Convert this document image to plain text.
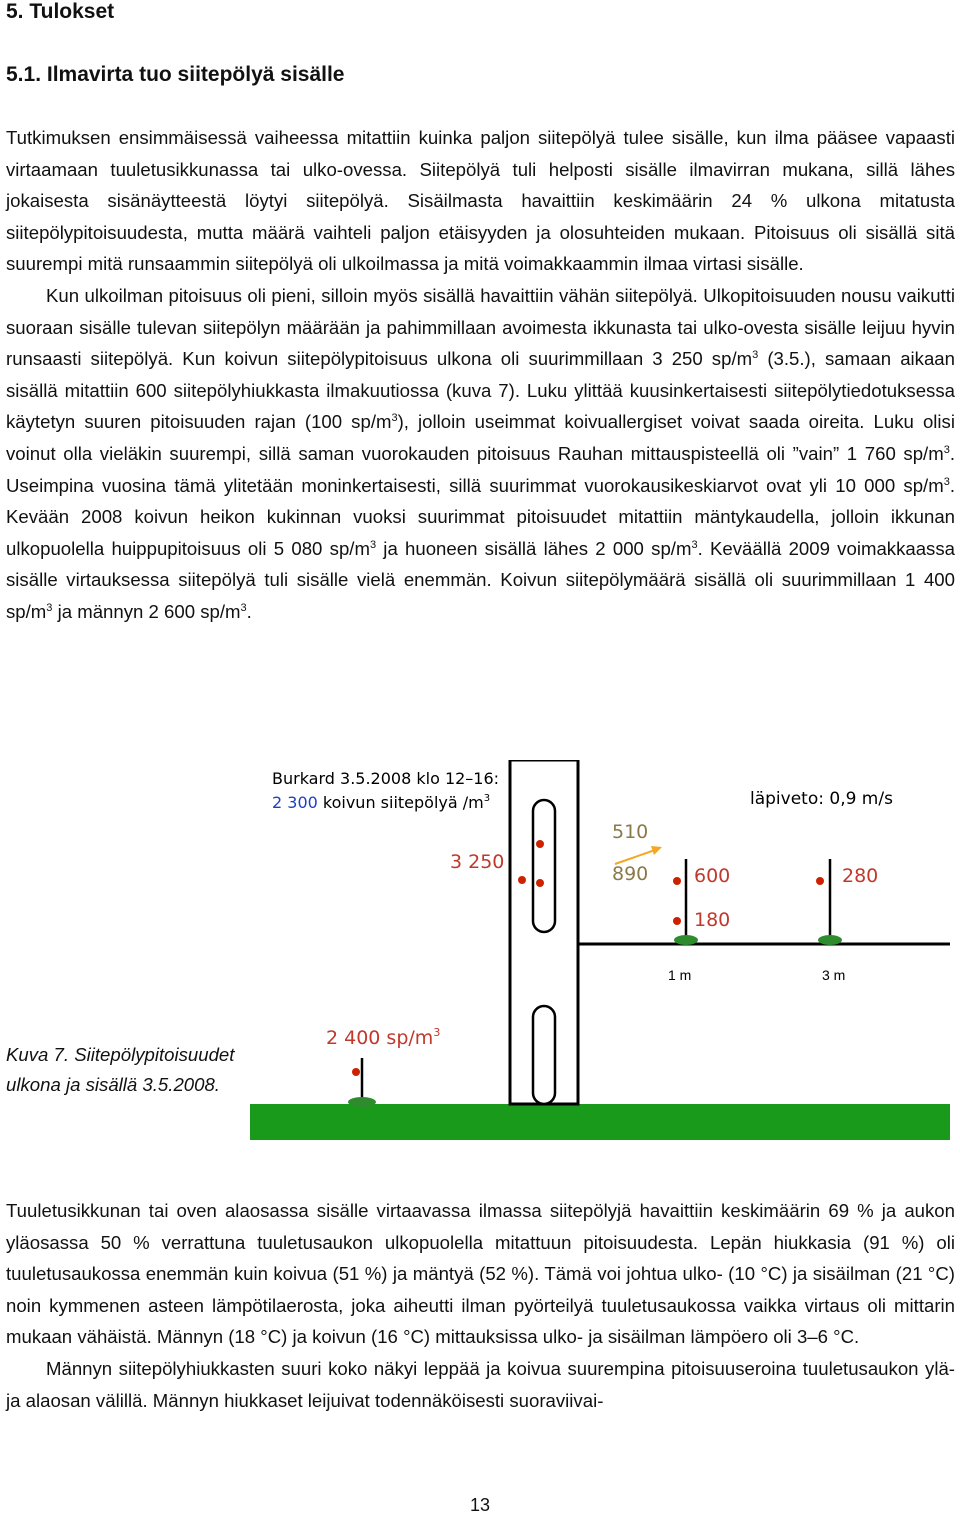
5. Tulokset
5.1. Ilmavirta tuo siitepölyä sisälle

Tutkimuksen ensimmäisessä vaiheessa mitattiin kuinka paljon siitepölyä tulee sisälle, kun ilma pääsee vapaasti virtaamaan tuuletusikkunassa tai ulko-ovessa. Siitepölyä tuli helposti sisälle ilmavirran mukana, sillä lähes jokaisesta sisänäytteestä löytyi siitepölyä. Sisäilmasta havaittiin keskimäärin 24 % ulkona mitatusta siitepölypitoisuudesta, mutta määrä vaihteli paljon etäisyyden ja olosuhteiden mukaan. Pitoisuus oli sisällä sitä suurempi mitä runsaammin siitepölyä oli ulkoilmassa ja mitä voimakkaammin ilmaa virtasi sisälle.

Kun ulkoilman pitoisuus oli pieni, silloin myös sisällä havaittiin vähän siitepölyä. Ulkopitoisuuden nousu vaikutti suoraan sisälle tulevan siitepölyn määrään ja pahimmillaan avoimesta ikkunasta tai ulko-ovesta sisälle leijuu hyvin runsaasti siitepölyä. Kun koivun siitepölypitoisuus ulkona oli suurimmillaan 3 250 $sp/m^3$ (3.5.), samaan aikaan sisällä mitattiin 600 siitepölyhiukkasta ilmakuutiossa (kuva 7). Luku ylittää kuusinkertaisesti siitepölytiedotuksessa käytetyn suuren pitoisuuden rajan (100 $sp/m^3$), jolloin useimmat koivuallergiset voivat saada oireita. Luku olisi voinut olla vieläkin suurempi, sillä saman vuorokauden pitoisuus Rauhan mittauspisteellä oli ”vain” 1 760 $sp/m^3$. Useimpina vuosina tämä ylitetään moninkertaisesti, sillä suurimmat vuorokausikeskiarvot ovat yli 10 000 $sp/m^3$. Kevään 2008 koivun heikon kukinnan vuoksi suurimmat pitoisuudet mitattiin mäntykaudella, jolloin ikkunan ulkopuolella huippupitoisuus oli 5 080 $sp/m^3$ ja huoneen sisällä lähes 2 000 $sp/m^3$. Keväällä 2009 voimakkaassa sisälle virtauksessa siitepölyä tuli sisälle vielä enemmän. Koivun siitepölymäärä sisällä oli suurimmillaan 1 400 $sp/m^3$ ja männyn 2 600 $sp/m^3$.

Burkard 3.5.2008 klo 12–16:
2 300 koivun siitepölyä $/m^3$	läpiveto: 0,9 m/s
3 250
510
890 600
180
280
1 m	3 m
2 400 $sp/m^3$

Kuva 7. Siitepölypitoisuudet ulkona ja sisällä 3.5.2008.

Tuuletusikkunan tai oven alaosassa sisälle virtaavassa ilmassa siitepölyjä havaittiin keskimäärin 69 % ja aukon yläosassa 50 % verrattuna tuuletusaukon ulkopuolella mitattuun pitoisuudesta. Lepän hiukkasia (91 %) oli tuuletusaukossa enemmän kuin koivua (51 %) ja mäntyä (52 %). Tämä voi johtua ulko- (10 °C) ja sisäilman (21 °C) noin kymmenen asteen lämpötilaerosta, joka aiheutti ilman pyörteilyä tuuletusaukossa vaikka virtaus oli mittarin mukaan vähäistä. Männyn (18 °C) ja koivun (16 °C) mittauksissa ulko- ja sisäilman lämpöero oli 3–6 °C.

Männyn siitepölyhiukkasten suuri koko näkyi leppää ja koivua suurempina pitoisuuseroina tuuletusaukon ylä- ja alaosan välillä. Männyn hiukkaset leijuivat todennäköisesti suoraviivai-

13
